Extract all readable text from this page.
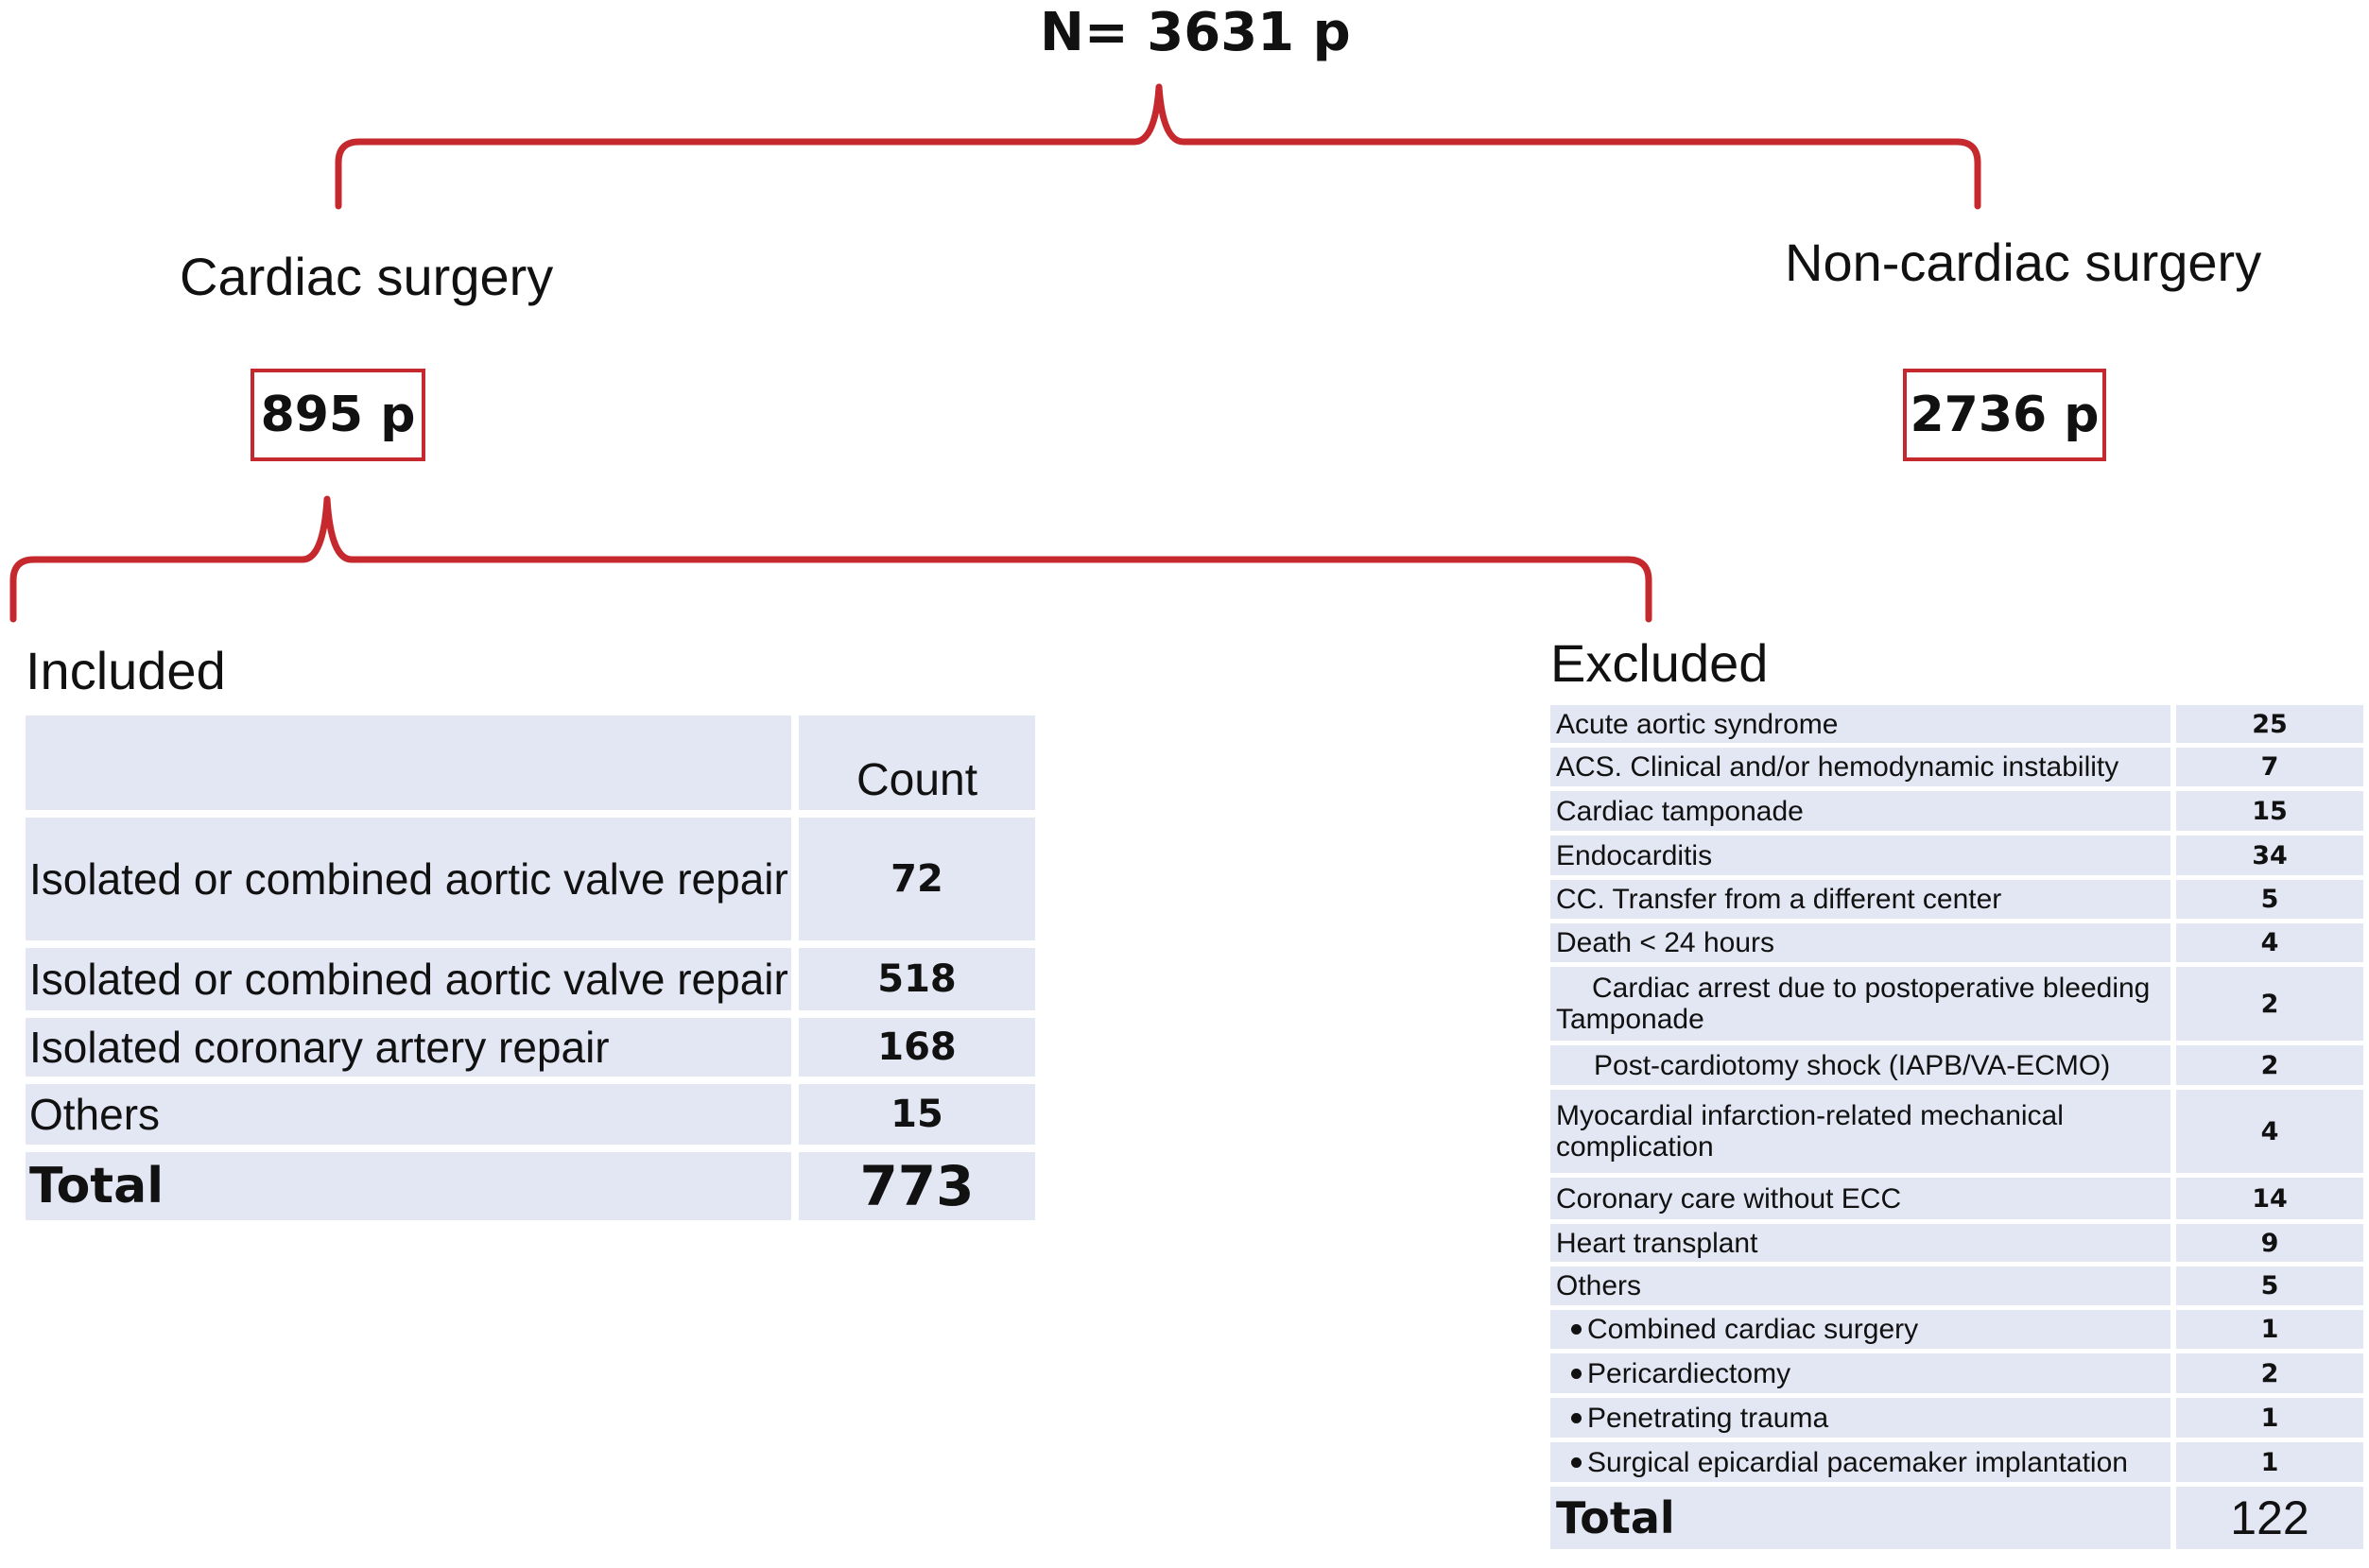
N= 3631 p
Cardiac surgery	Non-cardiac surgery
895 p	2736 p
Included	Excluded
Count
Isolated or combined aortic valve repair	72
Isolated or combined aortic valve repair	518
Isolated coronary artery repair	168
Others	15
Total	773
Acute aortic syndrome	25
ACS. Clinical and/or hemodynamic instability	7
Cardiac tamponade	15
Endocarditis	34
CC. Transfer from a different center	5
Death < 24 hours	4
Cardiac arrest due to postoperative bleeding
Tamponade	2
Post-cardiotomy shock (IAPB/VA-ECMO)	2
Myocardial infarction-related mechanical complication	4
Coronary care without ECC	14
Heart transplant	9
Others	5
Combined cardiac surgery	1
Pericardiectomy	2
Penetrating trauma	1
Surgical epicardial pacemaker implantation	1
Total	122
